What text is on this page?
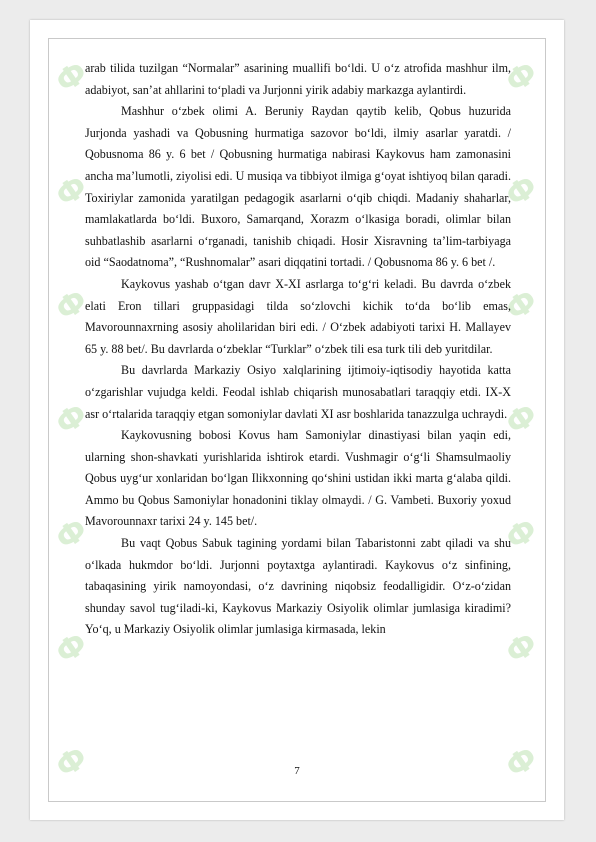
Ф
Ф
Ф
Ф
Ф
Ф
Ф
Ф
Ф
Ф
Ф
Ф
Ф
Ф

arab tilida tuzilgan “Normalar” asarining muallifi bo‘ldi. U o‘z atrofida mashhur ilm, adabiyot, san’at ahllarini to‘pladi va Jurjonni yirik adabiy markazga aylantirdi.

Mashhur o‘zbek olimi A. Beruniy Raydan qaytib kelib, Qobus huzurida Jurjonda yashadi va Qobusning hurmatiga sazovor bo‘ldi, ilmiy asarlar yaratdi. / Qobusnoma 86 y. 6 bet / Qobusning hurmatiga nabirasi Kaykovus ham zamonasini ancha ma’lumotli, ziyolisi edi. U musiqa va tibbiyot ilmiga g‘oyat ishtiyoq bilan qaradi. Toxiriylar zamonida yaratilgan pedagogik asarlarni o‘qib chiqdi. Madaniy shaharlar, mamlakatlarda bo‘ldi. Buxoro, Samarqand, Xorazm o‘lkasiga boradi, olimlar bilan suhbatlashib asarlarni o‘rganadi, tanishib chiqadi. Hosir Xisravning ta’lim-tarbiyaga oid “Saodatnoma”, “Rushnomalar” asari diqqatini tortadi. / Qobusnoma 86 y. 6 bet /.

Kaykovus yashab o‘tgan davr X-XI asrlarga to‘g‘ri keladi. Bu davrda o‘zbek elati Eron tillari gruppasidagi tilda so‘zlovchi kichik to‘da bo‘lib emas, Mavorounnaxrning asosiy aholilaridan biri edi. / O‘zbek adabiyoti tarixi H. Mallayev 65 y. 88 bet/. Bu davrlarda o‘zbeklar “Turklar” o‘zbek tili esa turk tili deb yuritdilar.

Bu davrlarda Markaziy Osiyo xalqlarining ijtimoiy-iqtisodiy hayotida katta o‘zgarishlar vujudga keldi. Feodal ishlab chiqarish munosabatlari taraqqiy etdi. IX-X asr o‘rtalarida taraqqiy etgan somoniylar davlati XI asr boshlarida tanazzulga uchraydi.

Kaykovusning bobosi Kovus ham Samoniylar dinastiyasi bilan yaqin edi, ularning shon-shavkati yurishlarida ishtirok etardi. Vushmagir o‘g‘li Shamsulmaoliy Qobus uyg‘ur xonlaridan bo‘lgan Ilikxonning qo‘shini ustidan ikki marta g‘alaba qildi. Ammo bu Qobus Samoniylar honadonini tiklay olmaydi. / G. Vambeti. Buxoriy yoxud Mavorounnaxr tarixi 24 y. 145 bet/.

Bu vaqt Qobus Sabuk tagining yordami bilan Tabaristonni zabt qiladi va shu o‘lkada hukmdor bo‘ldi. Jurjonni poytaxtga aylantiradi. Kaykovus o‘z sinfining, tabaqasining yirik namoyondasi, o‘z davrining niqobsiz feodalligidir. O‘z-o‘zidan shunday savol tug‘iladi-ki, Kaykovus Markaziy Osiyolik olimlar jumlasiga kiradimi? Yo‘q, u Markaziy Osiyolik olimlar jumlasiga kirmasada, lekin

7
